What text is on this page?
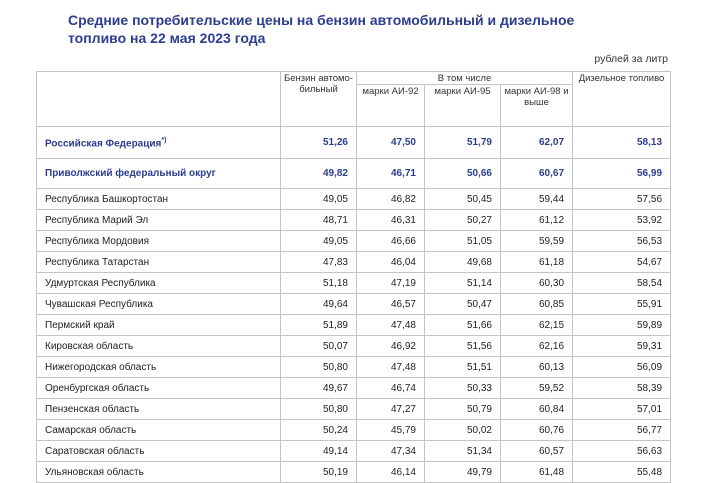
Средние потребительские цены на бензин автомобильный и дизельное топливо на 22 мая 2023 года
рублей за литр
	Бензин автомо-бильный	В том числе			Дизельное топливо
		марки АИ-92	марки АИ-95	марки АИ-98 и выше	
Российская Федерация*)	51,26	47,50	51,79	62,07	58,13
Приволжский федеральный округ	49,82	46,71	50,66	60,67	56,99
Республика Башкортостан	49,05	46,82	50,45	59,44	57,56
Республика Марий Эл	48,71	46,31	50,27	61,12	53,92
Республика Мордовия	49,05	46,66	51,05	59,59	56,53
Республика Татарстан	47,83	46,04	49,68	61,18	54,67
Удмуртская Республика	51,18	47,19	51,14	60,30	58,54
Чувашская Республика	49,64	46,57	50,47	60,85	55,91
Пермский край	51,89	47,48	51,66	62,15	59,89
Кировская область	50,07	46,92	51,56	62,16	59,31
Нижегородская область	50,80	47,48	51,51	60,13	56,09
Оренбургская область	49,67	46,74	50,33	59,52	58,39
Пензенская область	50,80	47,27	50,79	60,84	57,01
Самарская область	50,24	45,79	50,02	60,76	56,77
Саратовская область	49,14	47,34	51,34	60,57	56,63
Ульяновская область	50,19	46,14	49,79	61,48	55,48
